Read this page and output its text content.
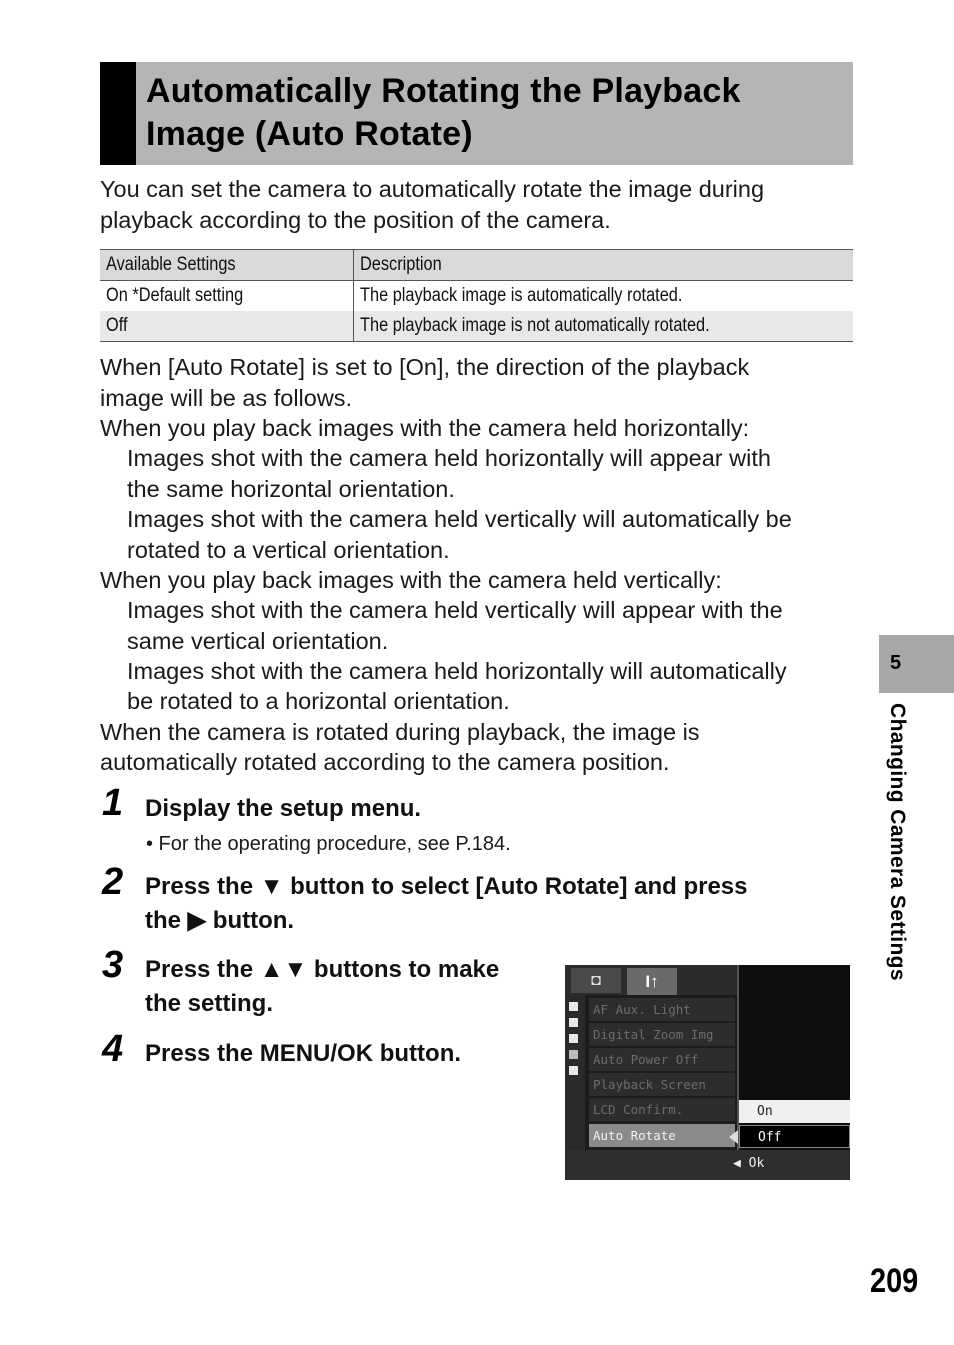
Automatically Rotating the Playback
Image (Auto Rotate)
You can set the camera to automatically rotate the image during
playback according to the position of the camera.
Available Settings	Description
On *Default setting	The playback image is automatically rotated.
Off	The playback image is not automatically rotated.
When [Auto Rotate] is set to [On], the direction of the playback
image will be as follows.
When you play back images with the camera held horizontally:
Images shot with the camera held horizontally will appear with
the same horizontal orientation.
Images shot with the camera held vertically will automatically be
rotated to a vertical orientation.
When you play back images with the camera held vertically:
Images shot with the camera held vertically will appear with the
same vertical orientation.
Images shot with the camera held horizontally will automatically
be rotated to a horizontal orientation.
When the camera is rotated during playback, the image is
automatically rotated according to the camera position.
1 Display the setup menu.
• For the operating procedure, see P.184.
2 Press the ▼ button to select [Auto Rotate] and press
the ▶ button.
3 Press the ▲▼ buttons to make
the setting.
4 Press the MENU/OK button.
◘	I↑
AF Aux. Light
Digital Zoom Img
Auto Power Off
Playback Screen
LCD Confirm.
Auto Rotate
On
Off
◀ Ok
5
Changing Camera Settings
209
